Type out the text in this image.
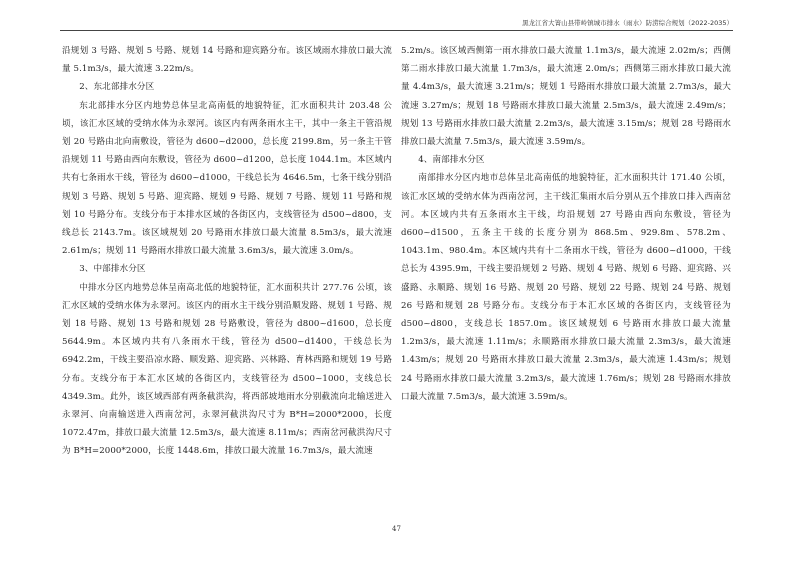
黑龙江省大箐山县带岭镇城市排水（雨水）防涝综合规划（2022-2035）

沿规划 3 号路、规划 5 号路、规划 14 号路和迎宾路分布。该区域雨水排放口最大流量 5.1m3/s，最大流速 3.22m/s。

2、东北部排水分区

东北部排水分区内地势总体呈北高南低的地貌特征，汇水面积共计 203.48 公顷，该汇水区域的受纳水体为永翠河。该区内有两条雨水主干，其中一条主干管沿规划 20 号路由北向南敷设，管径为 d600~d2000，总长度 2199.8m，另一条主干管沿规划 11 号路由西向东敷设，管径为 d600~d1200，总长度 1044.1m。本区域内共有七条雨水干线，管径为 d600~d1000，干线总长为 4646.5m，七条干线分别沿规划 3 号路、规划 5 号路、迎宾路、规划 9 号路、规划 7 号路、规划 11 号路和规划 10 号路分布。支线分布于本排水区域的各街区内，支线管径为 d500~d800，支线总长 2143.7m。该区域规划 20 号路雨水排放口最大流量 8.5m3/s，最大流速 2.61m/s；规划 11 号路雨水排放口最大流量 3.6m3/s，最大流速 3.0m/s。

3、中部排水分区

中排水分区内地势总体呈南高北低的地貌特征，汇水面积共计 277.76 公顷，该汇水区域的受纳水体为永翠河。该区内的雨水主干线分别沿顺发路、规划 1 号路、规划 18 号路、规划 13 号路和规划 28 号路敷设，管径为 d800~d1600，总长度 5644.9m。本区域内共有八条雨水干线，管径为 d500~d1400，干线总长为 6942.2m，干线主要沿凉水路、顺发路、迎宾路、兴林路、育林西路和规划 19 号路分布。支线分布于本汇水区域的各街区内，支线管径为 d500~1000，支线总长 4349.3m。此外，该区域西部有两条截洪沟，将西部坡地雨水分别截流向北输送进入永翠河、向南输送进入西南岔河，永翠河截洪沟尺寸为 B*H=2000*2000，长度 1072.47m，排放口最大流量 12.5m3/s，最大流速 8.11m/s；西南岔河截洪沟尺寸为 B*H=2000*2000，长度 1448.6m，排放口最大流量 16.7m3/s，最大流速

5.2m/s。该区域西侧第一雨水排放口最大流量 1.1m3/s，最大流速 2.02m/s；西侧第二雨水排放口最大流量 1.7m3/s，最大流速 2.0m/s；西侧第三雨水排放口最大流量 4.4m3/s，最大流速 3.21m/s；规划 1 号路雨水排放口最大流量 2.7m3/s，最大流速 3.27m/s；规划 18 号路雨水排放口最大流量 2.5m3/s，最大流速 2.49m/s；规划 13 号路雨水排放口最大流量 2.2m3/s，最大流速 3.15m/s；规划 28 号路雨水排放口最大流量 7.5m3/s，最大流速 3.59m/s。

4、南部排水分区

南部排水分区内地市总体呈北高南低的地貌特征，汇水面积共计 171.40 公顷，该汇水区域的受纳水体为西南岔河，主干线汇集雨水后分别从五个排放口排入西南岔河。本区域内共有五条雨水主干线，均沿规划 27 号路由西向东敷设，管径为 d600~d1500，五条主干线的长度分别为 868.5m、929.8m、578.2m、1043.1m、980.4m。本区域内共有十二条雨水干线，管径为 d600~d1000，干线总长为 4395.9m，干线主要沿规划 2 号路、规划 4 号路、规划 6 号路、迎宾路、兴盛路、永顺路、规划 16 号路、规划 20 号路、规划 22 号路、规划 24 号路、规划 26 号路和规划 28 号路分布。支线分布于本汇水区域的各街区内，支线管径为 d500~d800，支线总长 1857.0m。该区域规划 6 号路雨水排放口最大流量 1.2m3/s，最大流速 1.11m/s；永顺路雨水排放口最大流量 2.3m3/s，最大流速 1.43m/s；规划 20 号路雨水排放口最大流量 2.3m3/s，最大流速 1.43m/s；规划 24 号路雨水排放口最大流量 3.2m3/s，最大流速 1.76m/s；规划 28 号路雨水排放口最大流量 7.5m3/s，最大流速 3.59m/s。

47
